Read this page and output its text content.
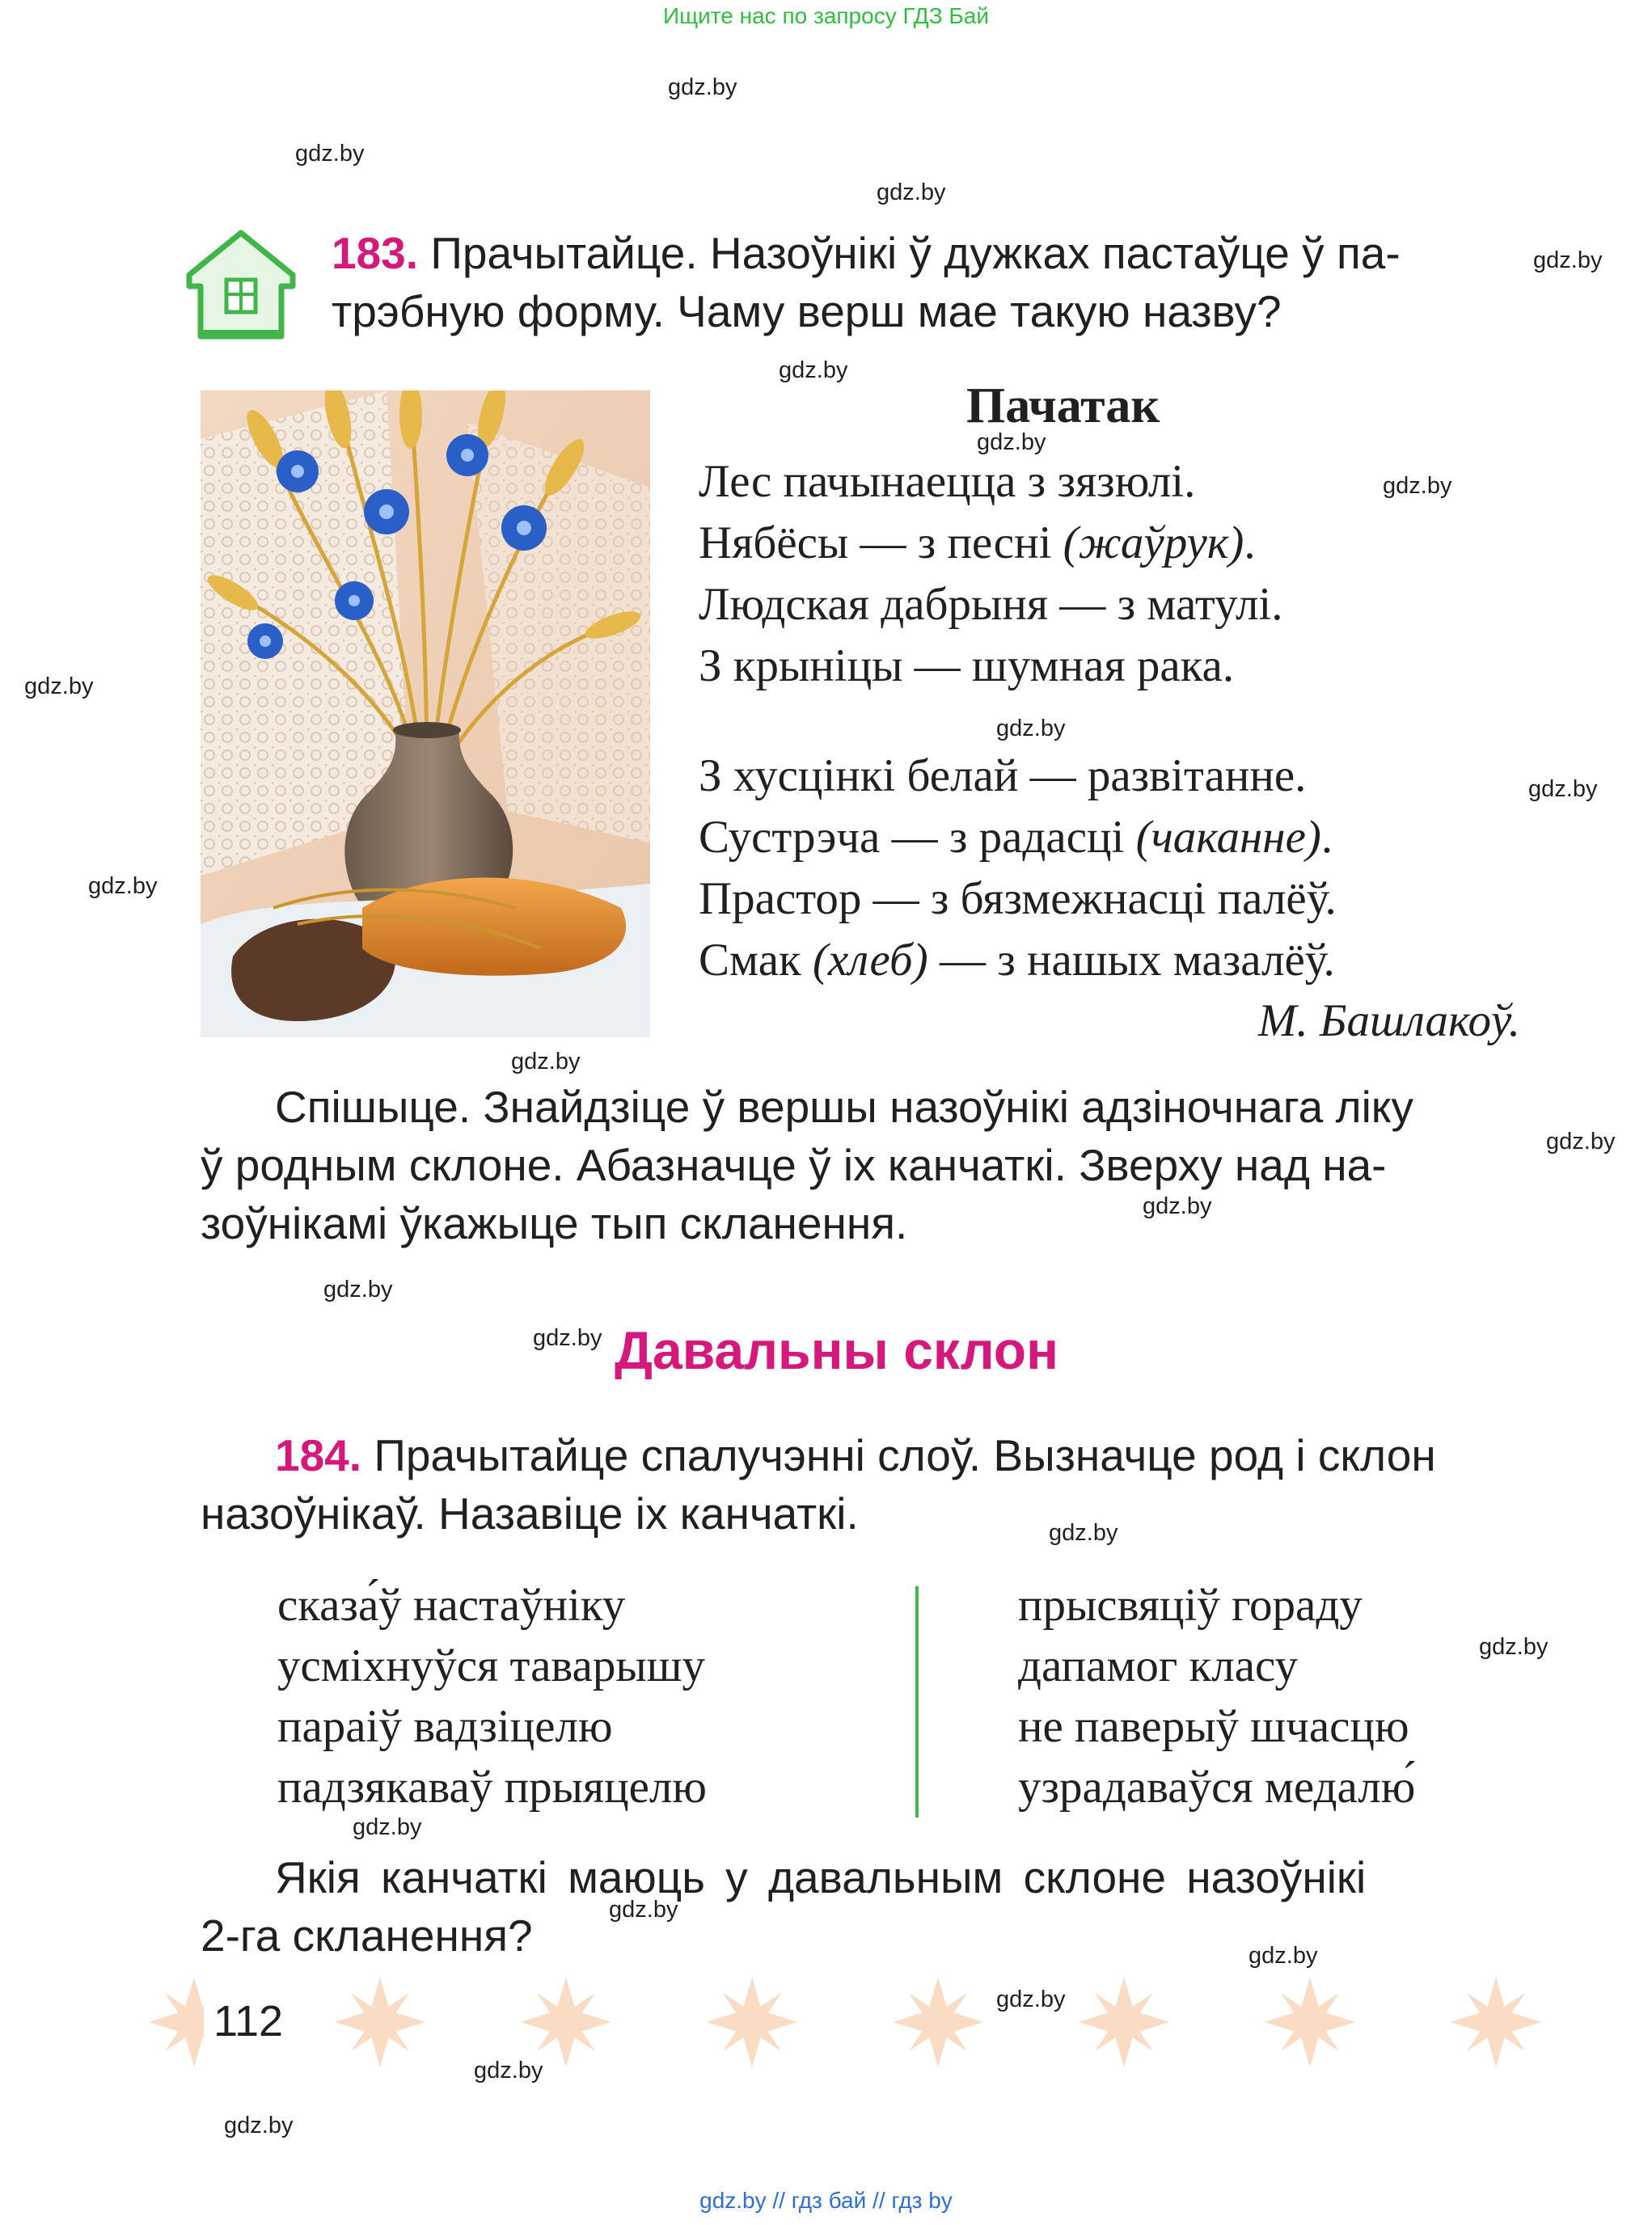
Ищите нас по запросу ГДЗ Бай
gdz.by
gdz.by
gdz.by
gdz.by
gdz.by
gdz.by
gdz.by
gdz.by
gdz.by
gdz.by
gdz.by
gdz.by
gdz.by
gdz.by
gdz.by
gdz.by
gdz.by
gdz.by
gdz.by
gdz.by
gdz.by
gdz.by
gdz.by
gdz.by
183. Прачытайце. Назоўнікі ў дужках пастаўце ў па-
трэбную форму. Чаму верш мае такую назву?
Пачатак
Лес пачынаецца з зязюлі.
Нябёсы — з песні (жаўрук).
Людская дабрыня — з матулі.
З крыніцы — шумная рака.
З хусцінкі белай — развітанне.
Сустрэча — з радасці (чаканне).
Прастор — з бязмежнасці палёў.
Смак (хлеб) — з нашых мазалёў.
М. Башлакоў.
Спішыце. Знайдзіце ў вершы назоўнікі адзіночнага ліку
ў родным склоне. Абазначце ў іх канчаткі. Зверху над на-
зоўнікамі ўкажыце тып скланення.
Давальны склон
184. Прачытайце спалучэнні слоў. Вызначце род і склон
назоўнікаў. Назавіце іх канчаткі.
сказа́ў настаўніку
усміхнуўся таварышу
параіў вадзіцелю
падзякаваў прыяцелю
прысвяціў гораду
дапамог класу
не паверыў шчасцю
узрадаваўся медалю́
Якія канчаткі маюць у давальным склоне назоўнікі
2-га скланення?
112
gdz.by // гдз бай // гдз by
